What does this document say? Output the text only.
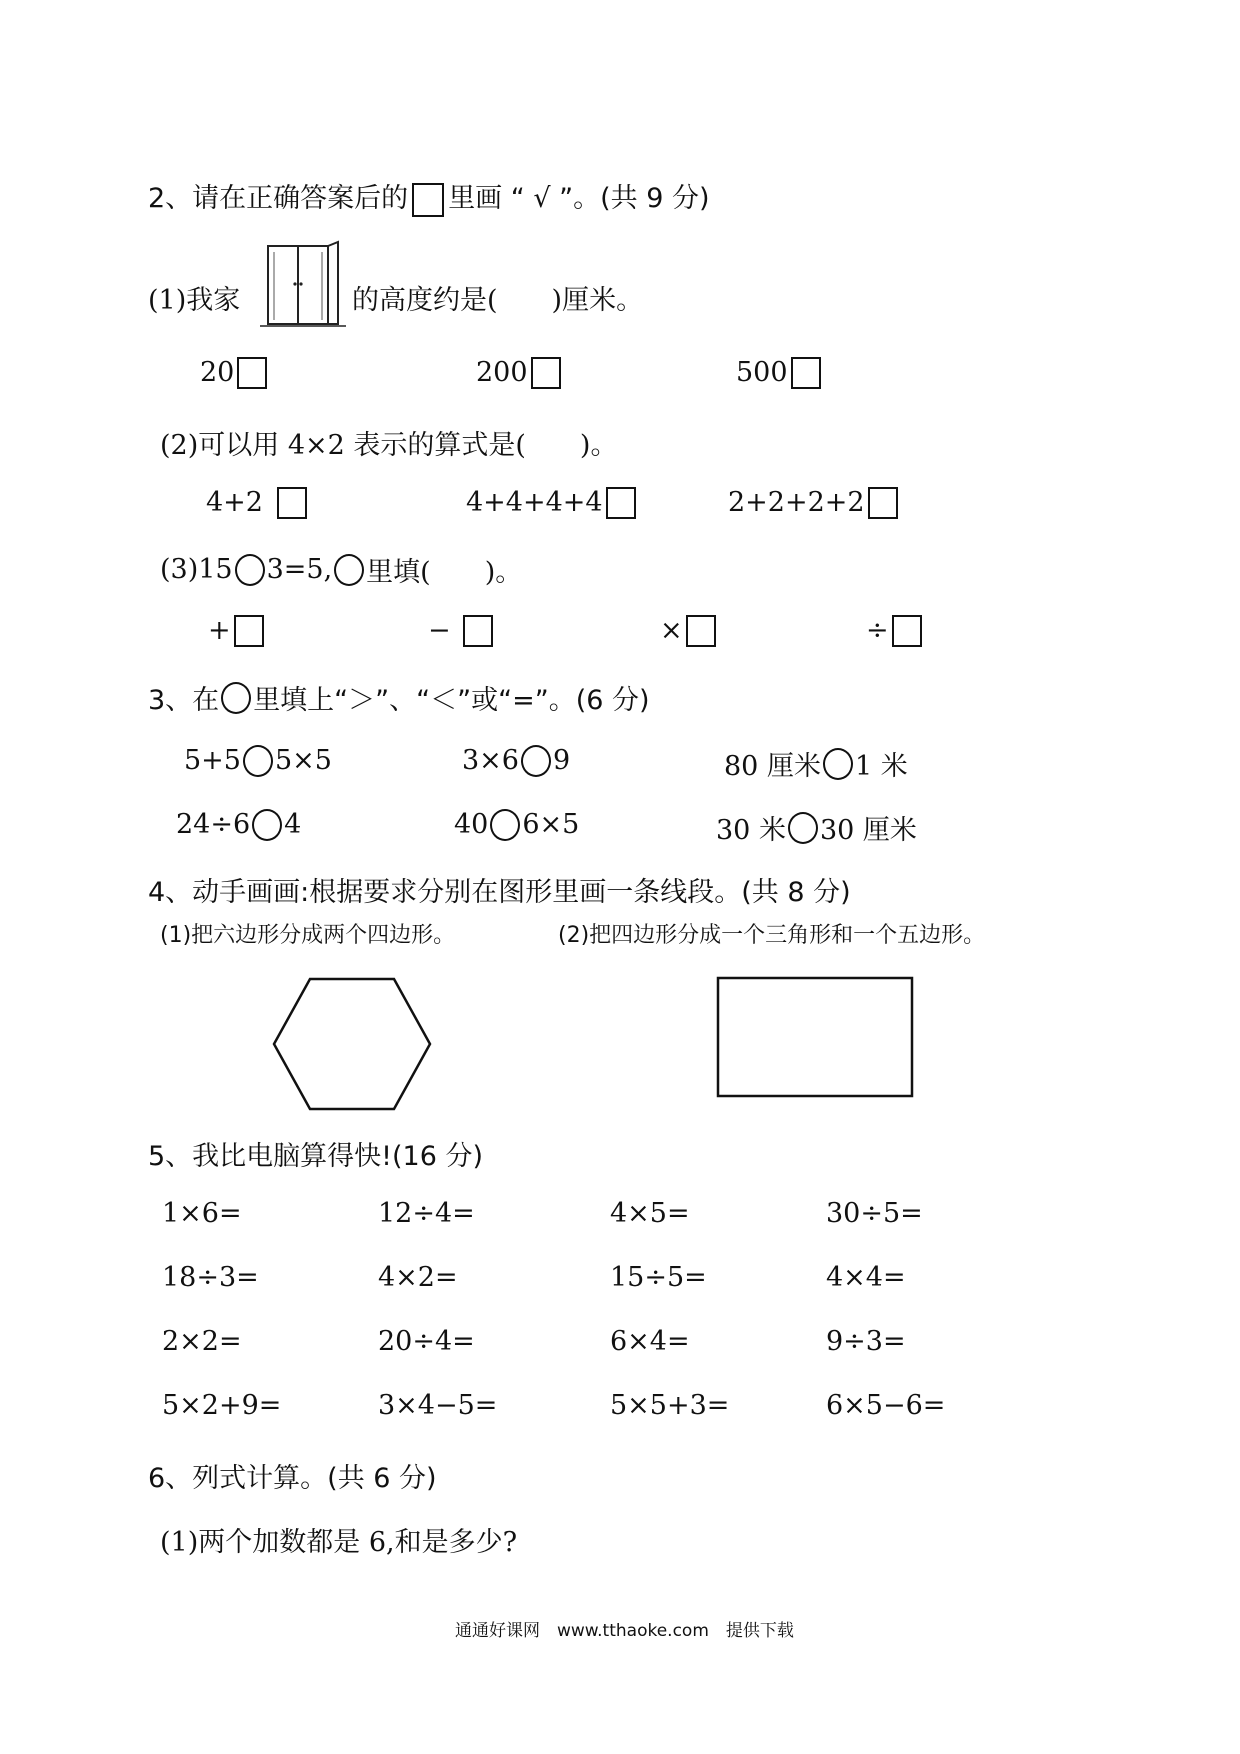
2、请在正确答案后的 里画 “ √ ”。(共 9 分)
(1)我家	的高度约是(　　)厘米。
20	200	500
(2)可以用 4×2 表示的算式是(　　)。
4+2	4+4+4+4	2+2+2+2
(3)15 3=5, 里填(　　)。
+	−	×	÷
3、在 里填上“＞”、“＜”或“=”。(6 分)
5+5 5×5	3×6 9	80 厘米 1 米
24÷6 4	40 6×5	30 米 30 厘米
4、动手画画:根据要求分别在图形里画一条线段。(共 8 分)
(1)把六边形分成两个四边形。	(2)把四边形分成一个三角形和一个五边形。
5、我比电脑算得快!(16 分)
1×6=	12÷4=	4×5=	30÷5=
18÷3=	4×2=	15÷5=	4×4=
2×2=	20÷4=	6×4=	9÷3=
5×2+9=	3×4−5=	5×5+3=	6×5−6=
6、列式计算。(共 6 分)
(1)两个加数都是 6,和是多少?
通通好课网　www.tthaoke.com　提供下载
